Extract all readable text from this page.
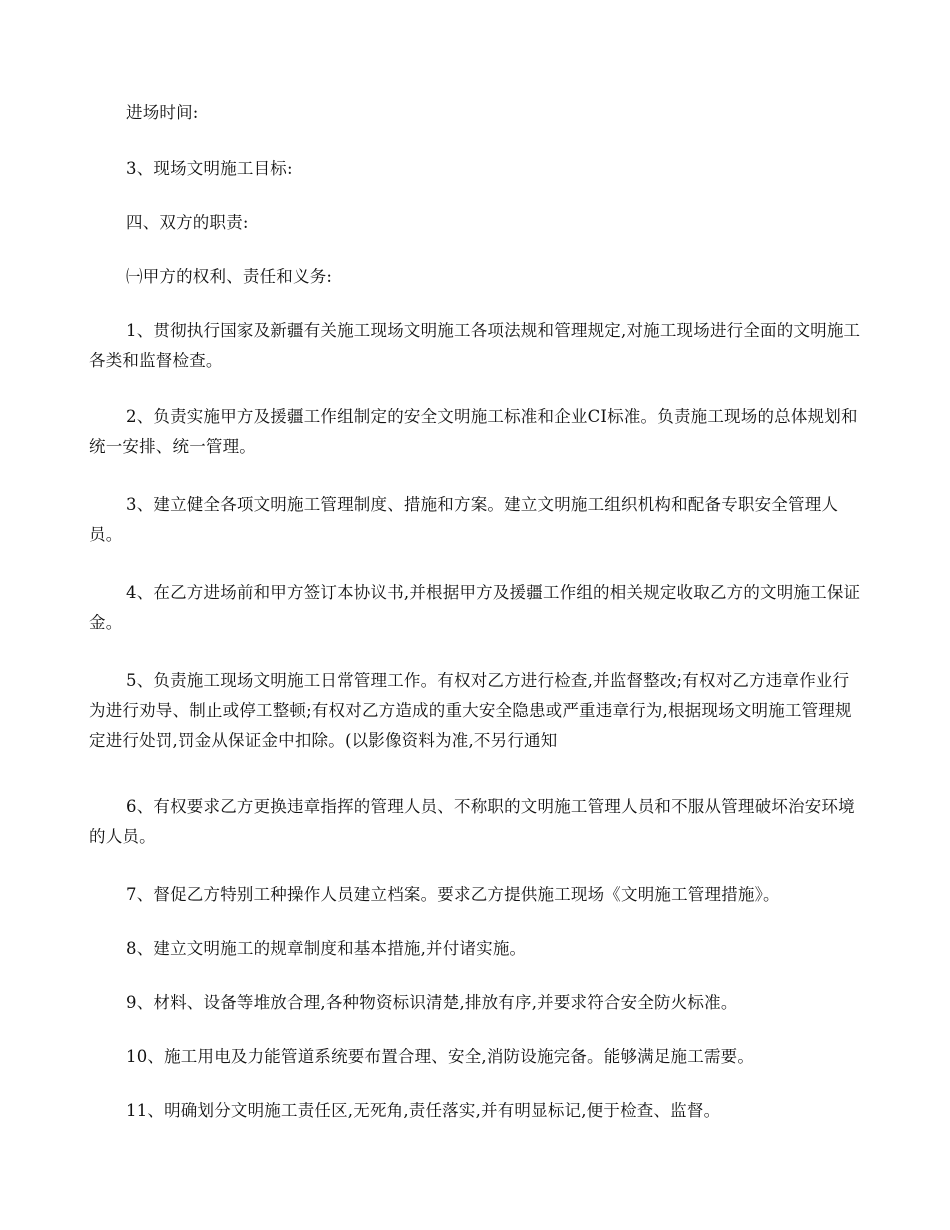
进场时间:

3、现场文明施工目标:

四、双方的职责:

㈠甲方的权利、责任和义务:

1、贯彻执行国家及新疆有关施工现场文明施工各项法规和管理规定,对施工现场进行全面的文明施工各类和监督检查。

2、负责实施甲方及援疆工作组制定的安全文明施工标准和企业CI标准。负责施工现场的总体规划和统一安排、统一管理。

3、建立健全各项文明施工管理制度、措施和方案。建立文明施工组织机构和配备专职安全管理人员。

4、在乙方进场前和甲方签订本协议书,并根据甲方及援疆工作组的相关规定收取乙方的文明施工保证金。

5、负责施工现场文明施工日常管理工作。有权对乙方进行检查,并监督整改;有权对乙方违章作业行为进行劝导、制止或停工整顿;有权对乙方造成的重大安全隐患或严重违章行为,根据现场文明施工管理规定进行处罚,罚金从保证金中扣除。(以影像资料为准,不另行通知

6、有权要求乙方更换违章指挥的管理人员、不称职的文明施工管理人员和不服从管理破坏治安环境的人员。

7、督促乙方特别工种操作人员建立档案。要求乙方提供施工现场《文明施工管理措施》。

8、建立文明施工的规章制度和基本措施,并付诸实施。

9、材料、设备等堆放合理,各种物资标识清楚,排放有序,并要求符合安全防火标准。

10、施工用电及力能管道系统要布置合理、安全,消防设施完备。能够满足施工需要。

11、明确划分文明施工责任区,无死角,责任落实,并有明显标记,便于检查、监督。
